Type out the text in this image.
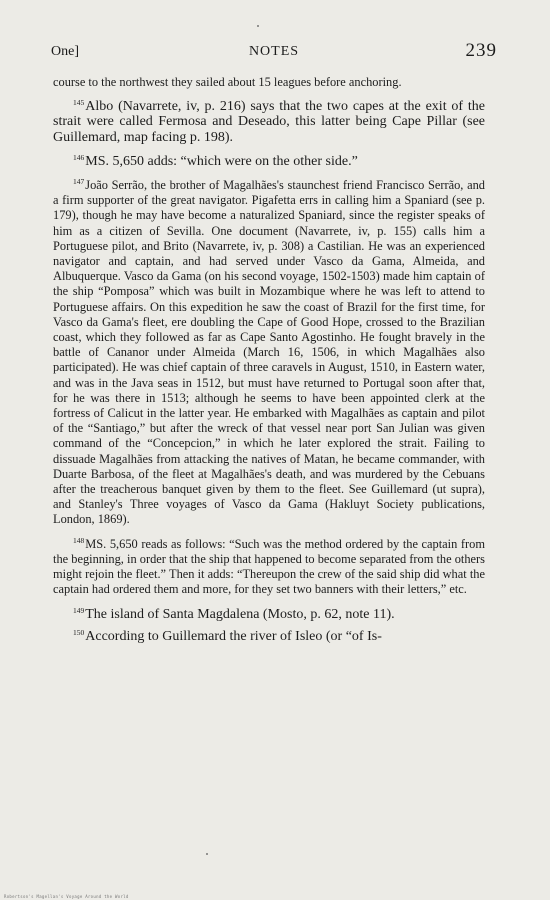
One]	NOTES	239

course to the northwest they sailed about 15 leagues before anchoring.

$^{145}$Albo (Navarrete, iv, p. 216) says that the two capes at the exit of the strait were called Fermosa and Deseado, this latter being Cape Pillar (see Guillemard, map facing p. 198).

$^{146}$MS. 5,650 adds: “which were on the other side.”

$^{147}$João Serrão, the brother of Magalhães's staunchest friend Francisco Serrão, and a firm supporter of the great navigator. Pigafetta errs in calling him a Spaniard (see p. 179), though he may have become a naturalized Spaniard, since the register speaks of him as a citizen of Sevilla. One document (Navarrete, iv, p. 155) calls him a Portuguese pilot, and Brito (Navarrete, iv, p. 308) a Castilian. He was an experienced navigator and captain, and had served under Vasco da Gama, Almeida, and Albuquerque. Vasco da Gama (on his second voyage, 1502-1503) made him captain of the ship “Pomposa” which was built in Mozambique where he was left to attend to Portuguese affairs. On this expedition he saw the coast of Brazil for the first time, for Vasco da Gama's fleet, ere doubling the Cape of Good Hope, crossed to the Brazilian coast, which they followed as far as Cape Santo Agostinho. He fought bravely in the battle of Cananor under Almeida (March 16, 1506, in which Magalhães also participated). He was chief captain of three caravels in August, 1510, in Eastern water, and was in the Java seas in 1512, but must have returned to Portugal soon after that, for he was there in 1513; although he seems to have been appointed clerk at the fortress of Calicut in the latter year. He embarked with Magalhães as captain and pilot of the “Santiago,” but after the wreck of that vessel near port San Julian was given command of the “Concepcion,” in which he later explored the strait. Failing to dissuade Magalhães from attacking the natives of Matan, he became commander, with Duarte Barbosa, of the fleet at Magalhães's death, and was murdered by the Cebuans after the treacherous banquet given by them to the fleet. See Guillemard (ut supra), and Stanley's Three voyages of Vasco da Gama (Hakluyt Society publications, London, 1869).

$^{148}$MS. 5,650 reads as follows: “Such was the method ordered by the captain from the beginning, in order that the ship that happened to become separated from the others might rejoin the fleet.” Then it adds: “Thereupon the crew of the said ship did what the captain had ordered them and more, for they set two banners with their letters,” etc.

$^{149}$The island of Santa Magdalena (Mosto, p. 62, note 11).

$^{150}$According to Guillemard the river of Isleo (or “of Is-

Robertson's Magellan's Voyage Around the World
